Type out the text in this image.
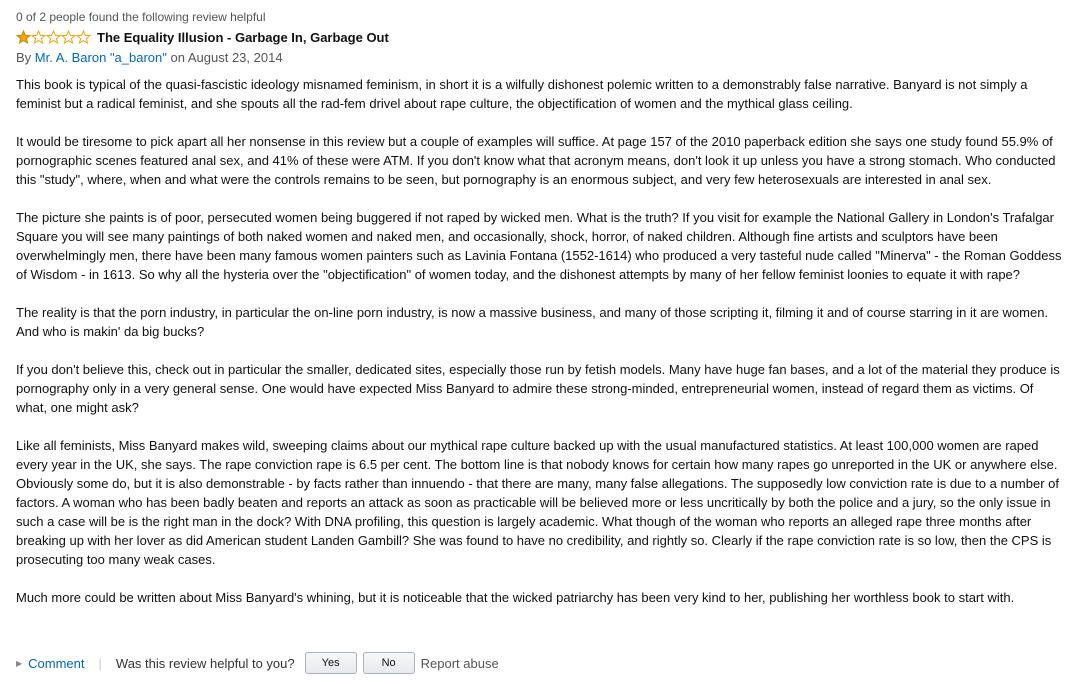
0 of 2 people found the following review helpful
The Equality Illusion - Garbage In, Garbage Out
By Mr. A. Baron "a_baron" on August 23, 2014

This book is typical of the quasi-fascistic ideology misnamed feminism, in short it is a wilfully dishonest polemic written to a demonstrably false narrative. Banyard is not simply a feminist but a radical feminist, and she spouts all the rad-fem drivel about rape culture, the objectification of women and the mythical glass ceiling.

It would be tiresome to pick apart all her nonsense in this review but a couple of examples will suffice. At page 157 of the 2010 paperback edition she says one study found 55.9% of pornographic scenes featured anal sex, and 41% of these were ATM. If you don't know what that acronym means, don't look it up unless you have a strong stomach. Who conducted this "study", where, when and what were the controls remains to be seen, but pornography is an enormous subject, and very few heterosexuals are interested in anal sex.

The picture she paints is of poor, persecuted women being buggered if not raped by wicked men. What is the truth? If you visit for example the National Gallery in London's Trafalgar Square you will see many paintings of both naked women and naked men, and occasionally, shock, horror, of naked children. Although fine artists and sculptors have been overwhelmingly men, there have been many famous women painters such as Lavinia Fontana (1552-1614) who produced a very tasteful nude called "Minerva" - the Roman Goddess of Wisdom - in 1613. So why all the hysteria over the "objectification" of women today, and the dishonest attempts by many of her fellow feminist loonies to equate it with rape?

The reality is that the porn industry, in particular the on-line porn industry, is now a massive business, and many of those scripting it, filming it and of course starring in it are women. And who is makin' da big bucks?

If you don't believe this, check out in particular the smaller, dedicated sites, especially those run by fetish models. Many have huge fan bases, and a lot of the material they produce is pornography only in a very general sense. One would have expected Miss Banyard to admire these strong-minded, entrepreneurial women, instead of regard them as victims. Of what, one might ask?

Like all feminists, Miss Banyard makes wild, sweeping claims about our mythical rape culture backed up with the usual manufactured statistics. At least 100,000 women are raped every year in the UK, she says. The rape conviction rape is 6.5 per cent. The bottom line is that nobody knows for certain how many rapes go unreported in the UK or anywhere else. Obviously some do, but it is also demonstrable - by facts rather than innuendo - that there are many, many false allegations. The supposedly low conviction rate is due to a number of factors. A woman who has been badly beaten and reports an attack as soon as practicable will be believed more or less uncritically by both the police and a jury, so the only issue in such a case will be is the right man in the dock? With DNA profiling, this question is largely academic. What though of the woman who reports an alleged rape three months after breaking up with her lover as did American student Landen Gambill? She was found to have no credibility, and rightly so. Clearly if the rape conviction rate is so low, then the CPS is prosecuting too many weak cases.

Much more could be written about Miss Banyard's whining, but it is noticeable that the wicked patriarchy has been very kind to her, publishing her worthless book to start with.

▶ Comment | Was this review helpful to you?	Yes	No	Report abuse
